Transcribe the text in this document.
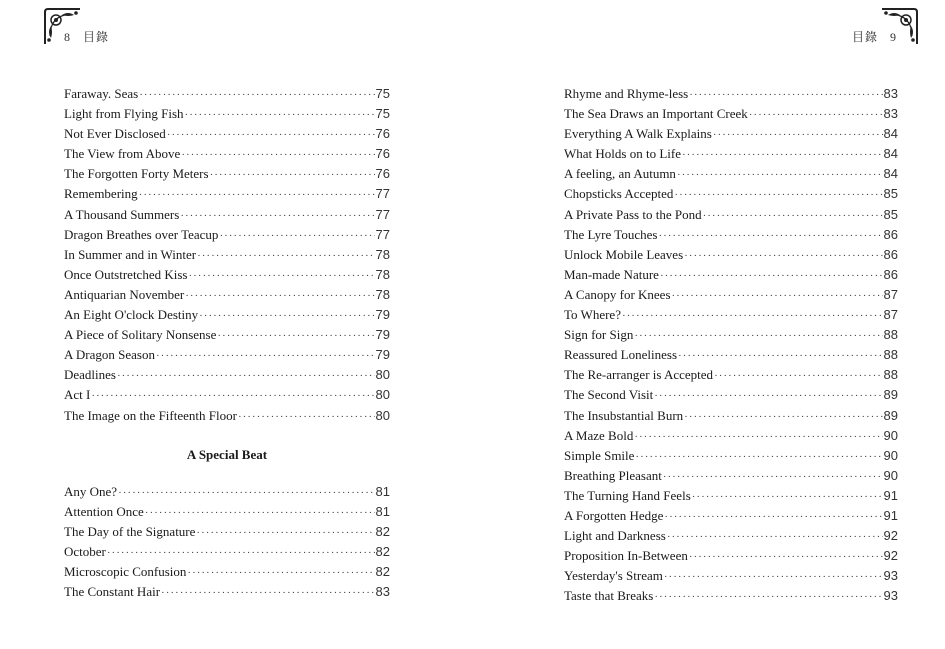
8 目錄	目錄 9
Faraway. Seas ·····	75
Light from Flying Fish ·····	75
Not Ever Disclosed ·····	76
The View from Above ·····	76
The Forgotten Forty Meters ·····	76
Remembering ·····	77
A Thousand Summers ·····	77
Dragon Breathes over Teacup ·····	77
In Summer and in Winter ·····	78
Once Outstretched Kiss ·····	78
Antiquarian November ·····	78
An Eight O'clock Destiny ·····	79
A Piece of Solitary Nonsense ·····	79
A Dragon Season ·····	79
Deadlines ·····	80
Act I ·····	80
The Image on the Fifteenth Floor ·····	80
A Special Beat
Any One? ·····	81
Attention Once ·····	81
The Day of the Signature ·····	82
October ·····	82
Microscopic Confusion ·····	82
The Constant Hair ·····	83
Rhyme and Rhyme-less ·····	83
The Sea Draws an Important Creek ·····	83
Everything A Walk Explains ·····	84
What Holds on to Life ·····	84
A feeling, an Autumn ·····	84
Chopsticks Accepted ·····	85
A Private Pass to the Pond ·····	85
The Lyre Touches ·····	86
Unlock Mobile Leaves ·····	86
Man-made Nature ·····	86
A Canopy for Knees ·····	87
To Where? ·····	87
Sign for Sign ·····	88
Reassured Loneliness ·····	88
The Re-arranger is Accepted ·····	88
The Second Visit ·····	89
The Insubstantial Burn ·····	89
A Maze Bold ·····	90
Simple Smile ·····	90
Breathing Pleasant ·····	90
The Turning Hand Feels ·····	91
A Forgotten Hedge ·····	91
Light and Darkness ·····	92
Proposition In-Between ·····	92
Yesterday's Stream ·····	93
Taste that Breaks ·····	93
